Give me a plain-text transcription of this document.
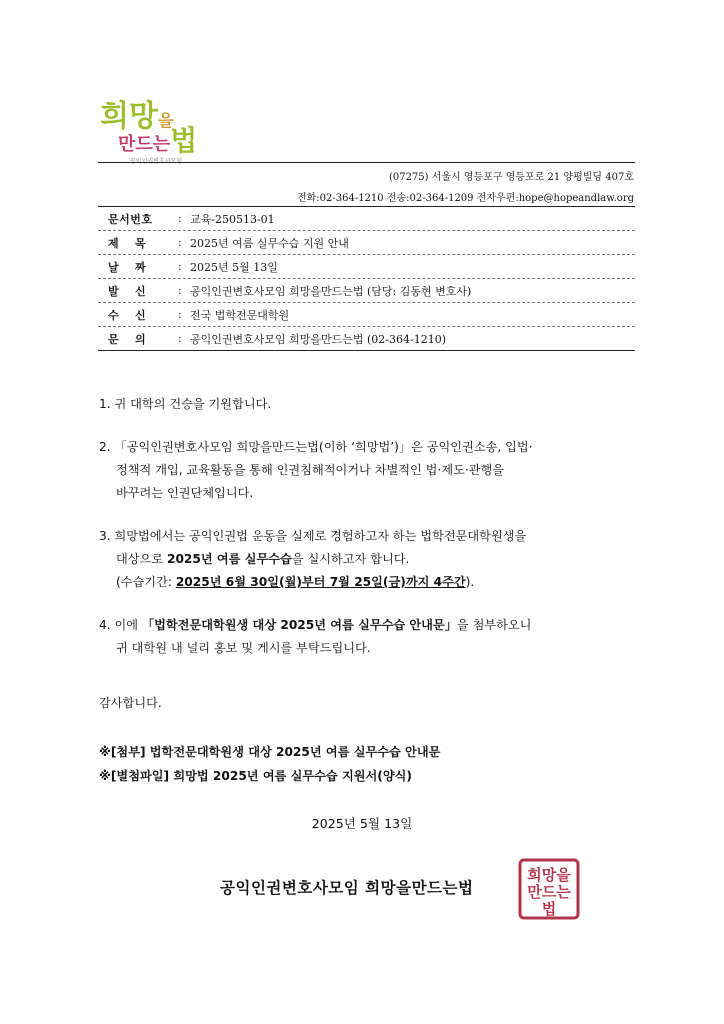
희망을
만드는법
공익인권변호사모임
(07275) 서울시 영등포구 영등포로 21 양평빌딩 407호
전화:02-364-1210 전송:02-364-1209 전자우편:hope@hopeandlaw.org
문서번호	: 교육-250513-01
제 　목	: 2025년 여름 실무수습 지원 안내
날 　짜	: 2025년 5월 13일
발 　신	: 공익인권변호사모임 희망을만드는법 (담당: 김동현 변호사)
수 　신	: 전국 법학전문대학원
문 　의	: 공익인권변호사모임 희망을만드는법 (02-364-1210)

1. 귀 대학의 건승을 기원합니다.

2. 「공익인권변호사모임 희망을만드는법(이하 ‘희망법’)」은 공익인권소송, 입법·
정책적 개입, 교육활동을 통해 인권침해적이거나 차별적인 법·제도·관행을
바꾸려는 인권단체입니다.

3. 희망법에서는 공익인권법 운동을 실제로 경험하고자 하는 법학전문대학원생을
대상으로 2025년 여름 실무수습을 실시하고자 합니다.
(수습기간: 2025년 6월 30일(월)부터 7월 25일(금)까지 4주간).

4. 이에 「법학전문대학원생 대상 2025년 여름 실무수습 안내문」을 첨부하오니
귀 대학원 내 널리 홍보 및 게시를 부탁드립니다.

감사합니다.
※[첨부] 법학전문대학원생 대상 2025년 여름 실무수습 안내문
※[별첨파일] 희망법 2025년 여름 실무수습 지원서(양식)
2025년 5월 13일
공익인권변호사모임 희망을만드는법
희망을
만드는
법
